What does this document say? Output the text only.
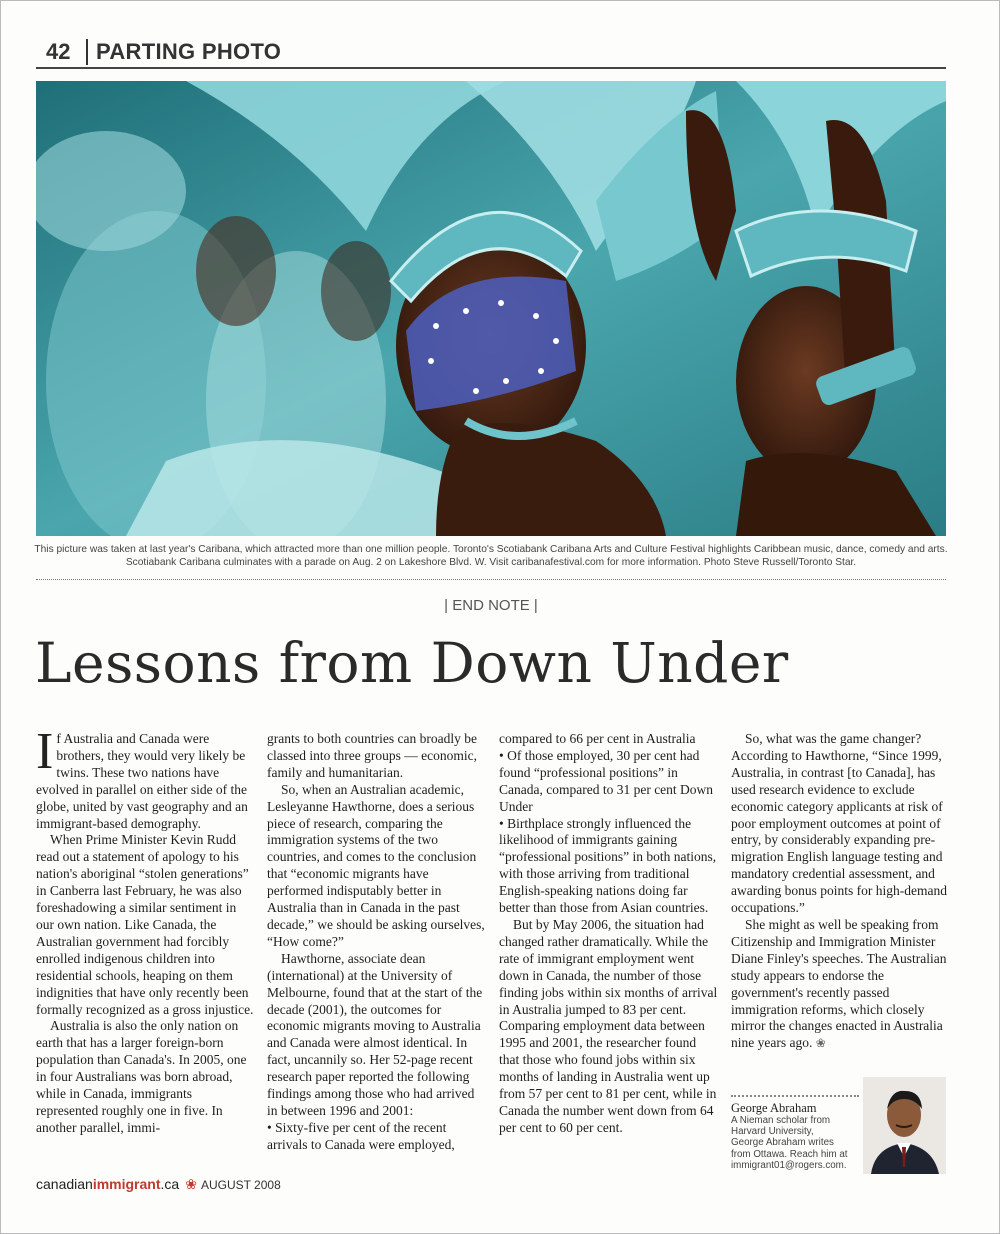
42 PARTING PHOTO
This picture was taken at last year's Caribana, which attracted more than one million people. Toronto's Scotiabank Caribana Arts and Culture Festival highlights Caribbean music, dance, comedy and arts.
Scotiabank Caribana culminates with a parade on Aug. 2 on Lakeshore Blvd. W. Visit caribanafestival.com for more information. Photo Steve Russell/Toronto Star.
| END NOTE |
Lessons from Down Under

If Australia and Canada were brothers, they would very likely be twins. These two nations have evolved in parallel on either side of the globe, united by vast geography and an immigrant-based demography.

When Prime Minister Kevin Rudd read out a statement of apology to his nation's aboriginal “stolen generations” in Canberra last February, he was also foreshadowing a similar sentiment in our own nation. Like Canada, the Australian government had forcibly enrolled indigenous children into residential schools, heaping on them indignities that have only recently been formally recognized as a gross injustice.

Australia is also the only nation on earth that has a larger foreign-born population than Canada's. In 2005, one in four Australians was born abroad, while in Canada, immigrants represented roughly one in five. In another parallel, immi-

grants to both countries can broadly be classed into three groups — economic, family and humanitarian.

So, when an Australian academic, Lesleyanne Hawthorne, does a serious piece of research, comparing the immigration systems of the two countries, and comes to the conclusion that “economic migrants have performed indisputably better in Australia than in Canada in the past decade,” we should be asking ourselves, “How come?”

Hawthorne, associate dean (international) at the University of Melbourne, found that at the start of the decade (2001), the outcomes for economic migrants moving to Australia and Canada were almost identical. In fact, uncannily so. Her 52-page recent research paper reported the following findings among those who had arrived in between 1996 and 2001:

• Sixty-five per cent of the recent arrivals to Canada were employed,

compared to 66 per cent in Australia

• Of those employed, 30 per cent had found “professional positions” in Canada, compared to 31 per cent Down Under

• Birthplace strongly influenced the likelihood of immigrants gaining “professional positions” in both nations, with those arriving from traditional English-speaking nations doing far better than those from Asian countries.

But by May 2006, the situation had changed rather dramatically. While the rate of immigrant employment went down in Canada, the number of those finding jobs within six months of arrival in Australia jumped to 83 per cent. Comparing employment data between 1995 and 2001, the researcher found that those who found jobs within six months of landing in Australia went up from 57 per cent to 81 per cent, while in Canada the number went down from 64 per cent to 60 per cent.

So, what was the game changer? According to Hawthorne, “Since 1999, Australia, in contrast [to Canada], has used research evidence to exclude economic category applicants at risk of poor employment outcomes at point of entry, by considerably expanding pre-migration English language testing and mandatory credential assessment, and awarding bonus points for high-demand occupations.”

She might as well be speaking from Citizenship and Immigration Minister Diane Finley's speeches. The Australian study appears to endorse the government's recently passed immigration reforms, which closely mirror the changes enacted in Australia nine years ago. ❀

George Abraham
A Nieman scholar from
Harvard University,
George Abraham writes
from Ottawa. Reach him at
immigrant01@rogers.com.
canadianimmigrant.ca ❀ AUGUST 2008
